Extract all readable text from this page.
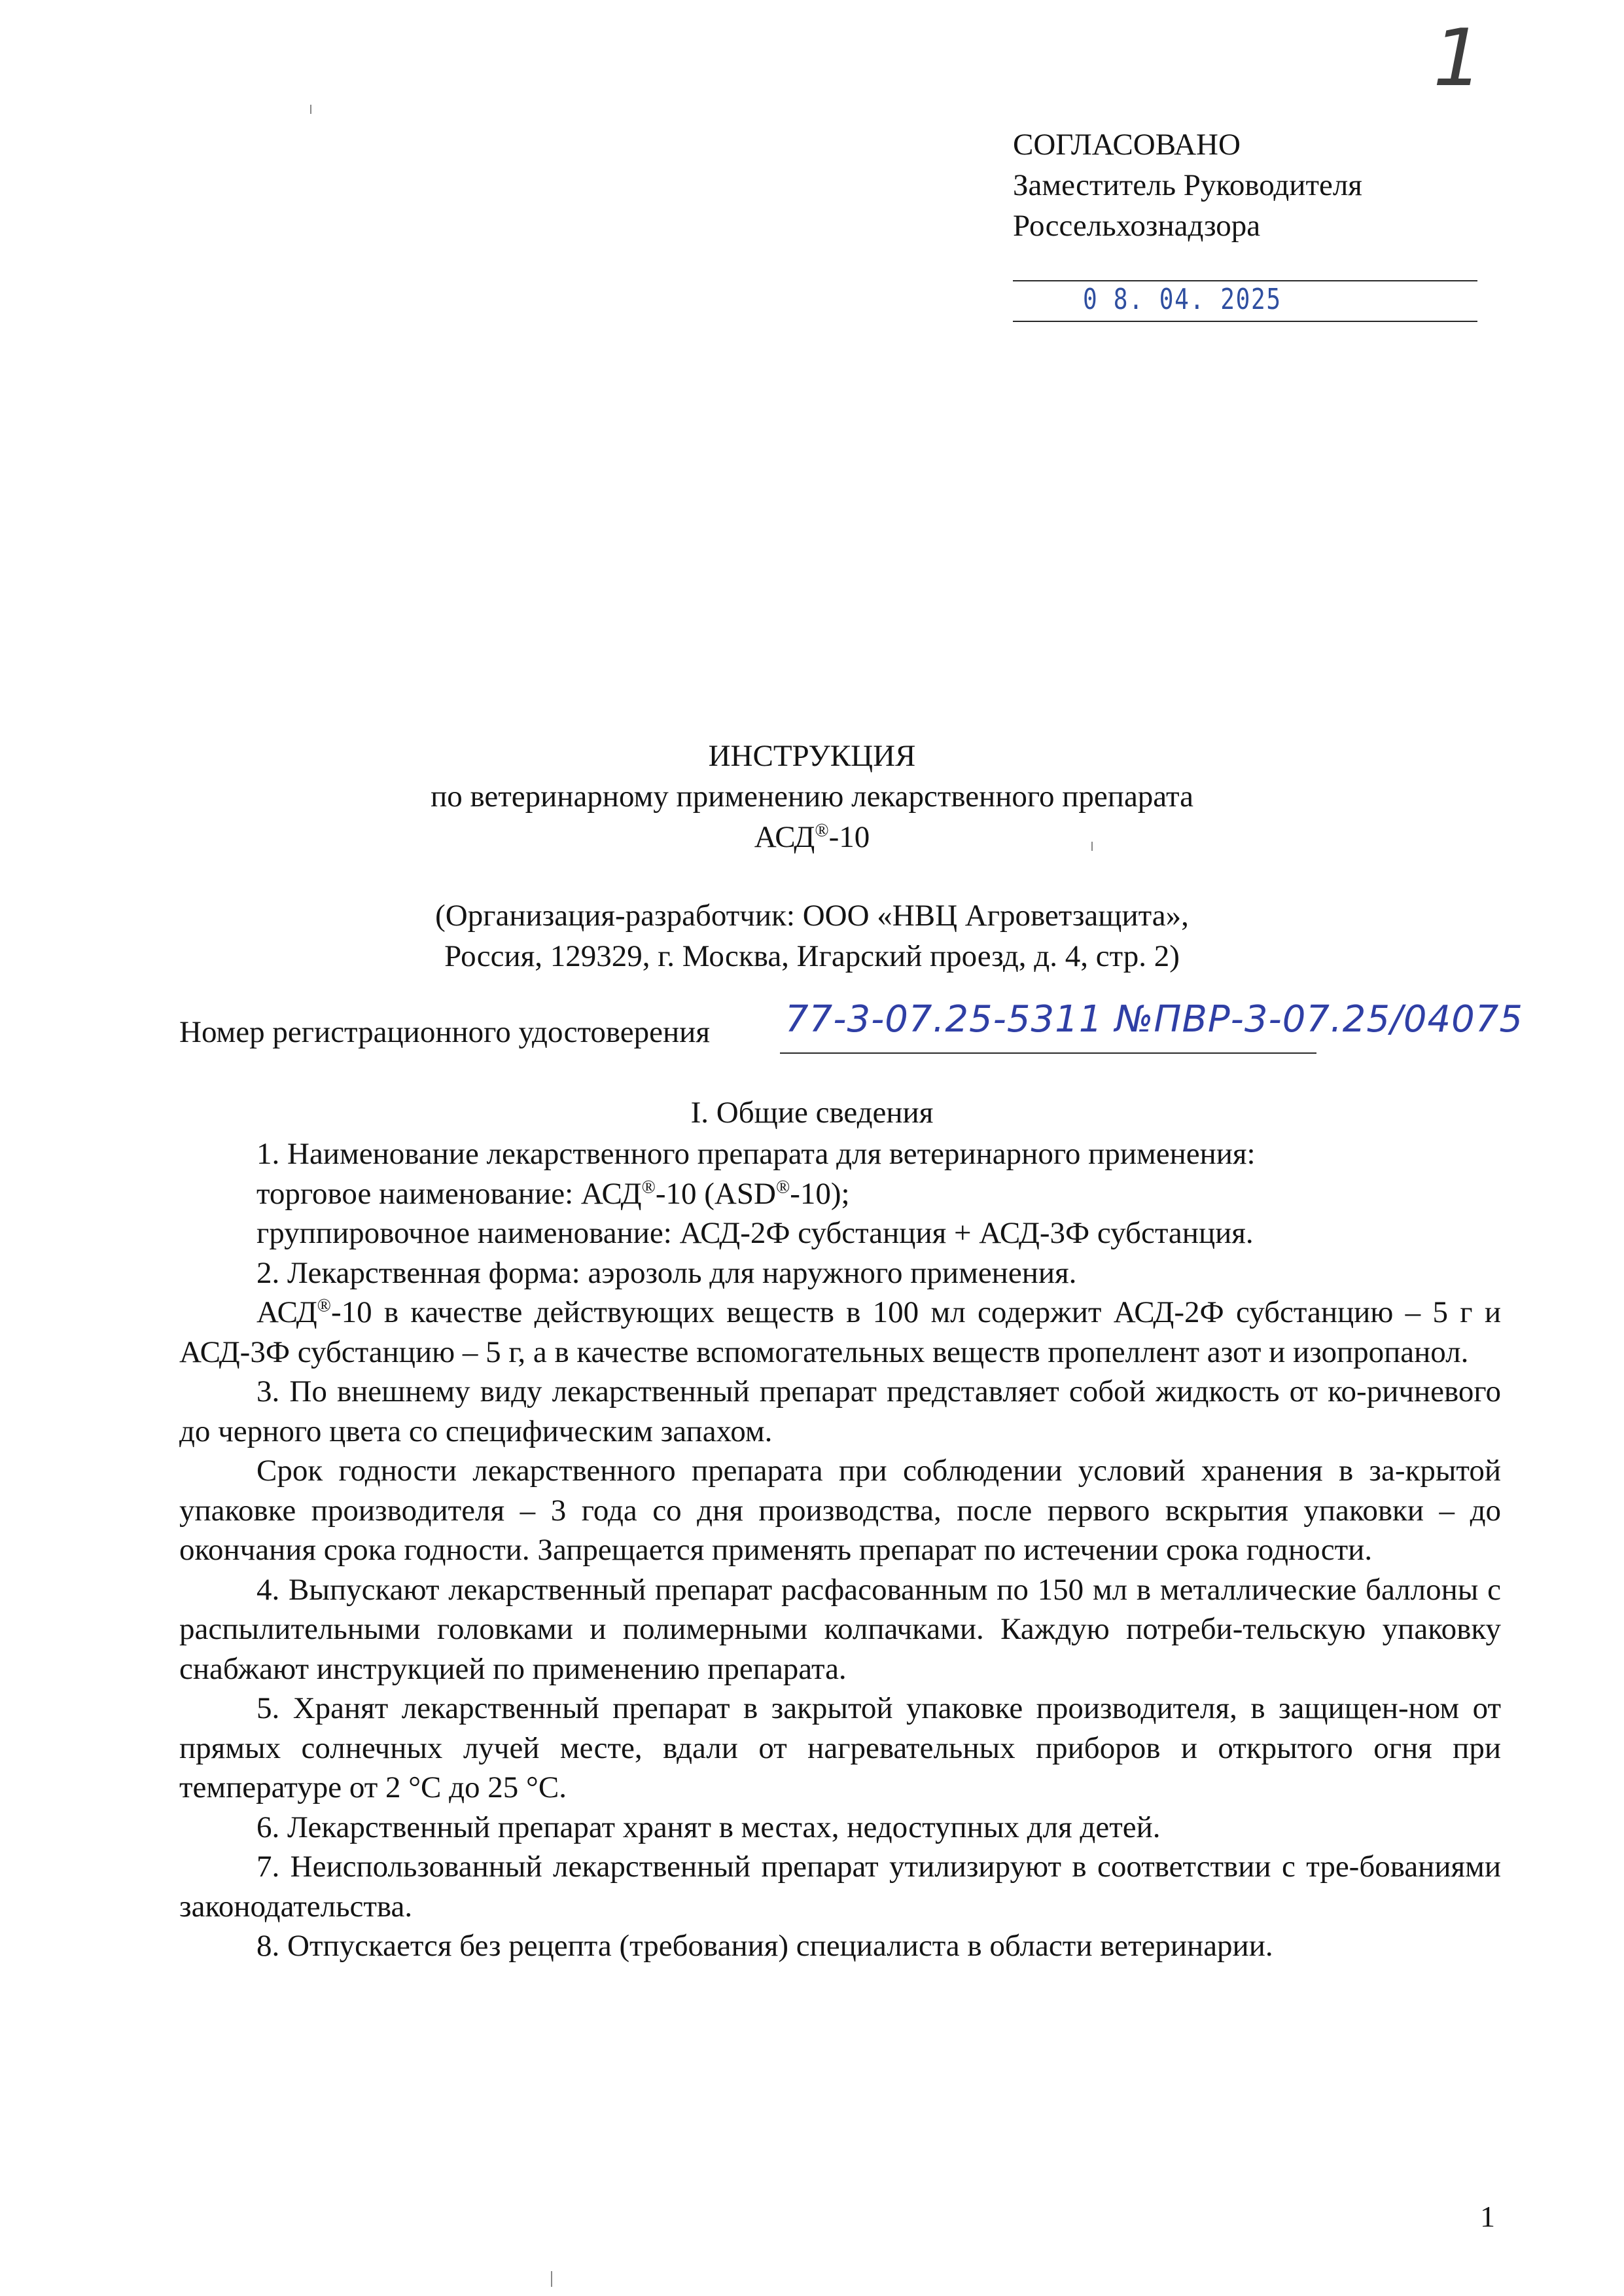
1
СОГЛАСОВАНО
Заместитель Руководителя
Россельхознадзора
0 8. 04. 2025
ИНСТРУКЦИЯ
по ветеринарному применению лекарственного препарата
АСД®-10
(Организация-разработчик: ООО «НВЦ Агроветзащита»,
Россия, 129329, г. Москва, Игарский проезд, д. 4, стр. 2)
Номер регистрационного удостоверения 77-3-07.25-5311 №ПВР-3-07.25/04075
I. Общие сведения

1. Наименование лекарственного препарата для ветеринарного применения:

торговое наименование: АСД®-10 (ASD®-10);

группировочное наименование: АСД-2Ф субстанция + АСД-3Ф субстанция.

2. Лекарственная форма: аэрозоль для наружного применения.

АСД®-10 в качестве действующих веществ в 100 мл содержит АСД-2Ф субстанцию – 5 г и АСД-3Ф субстанцию – 5 г, а в качестве вспомогательных веществ пропеллент азот и изопропанол.

3. По внешнему виду лекарственный препарат представляет собой жидкость от ко-ричневого до черного цвета со специфическим запахом.

Срок годности лекарственного препарата при соблюдении условий хранения в за-крытой упаковке производителя – 3 года со дня производства, после первого вскрытия упаковки – до окончания срока годности. Запрещается применять препарат по истечении срока годности.

4. Выпускают лекарственный препарат расфасованным по 150 мл в металлические баллоны с распылительными головками и полимерными колпачками. Каждую потреби-тельскую упаковку снабжают инструкцией по применению препарата.

5. Хранят лекарственный препарат в закрытой упаковке производителя, в защищен-ном от прямых солнечных лучей месте, вдали от нагревательных приборов и открытого огня при температуре от 2 °С до 25 °С.

6. Лекарственный препарат хранят в местах, недоступных для детей.

7. Неиспользованный лекарственный препарат утилизируют в соответствии с тре-бованиями законодательства.

8. Отпускается без рецепта (требования) специалиста в области ветеринарии.

1
